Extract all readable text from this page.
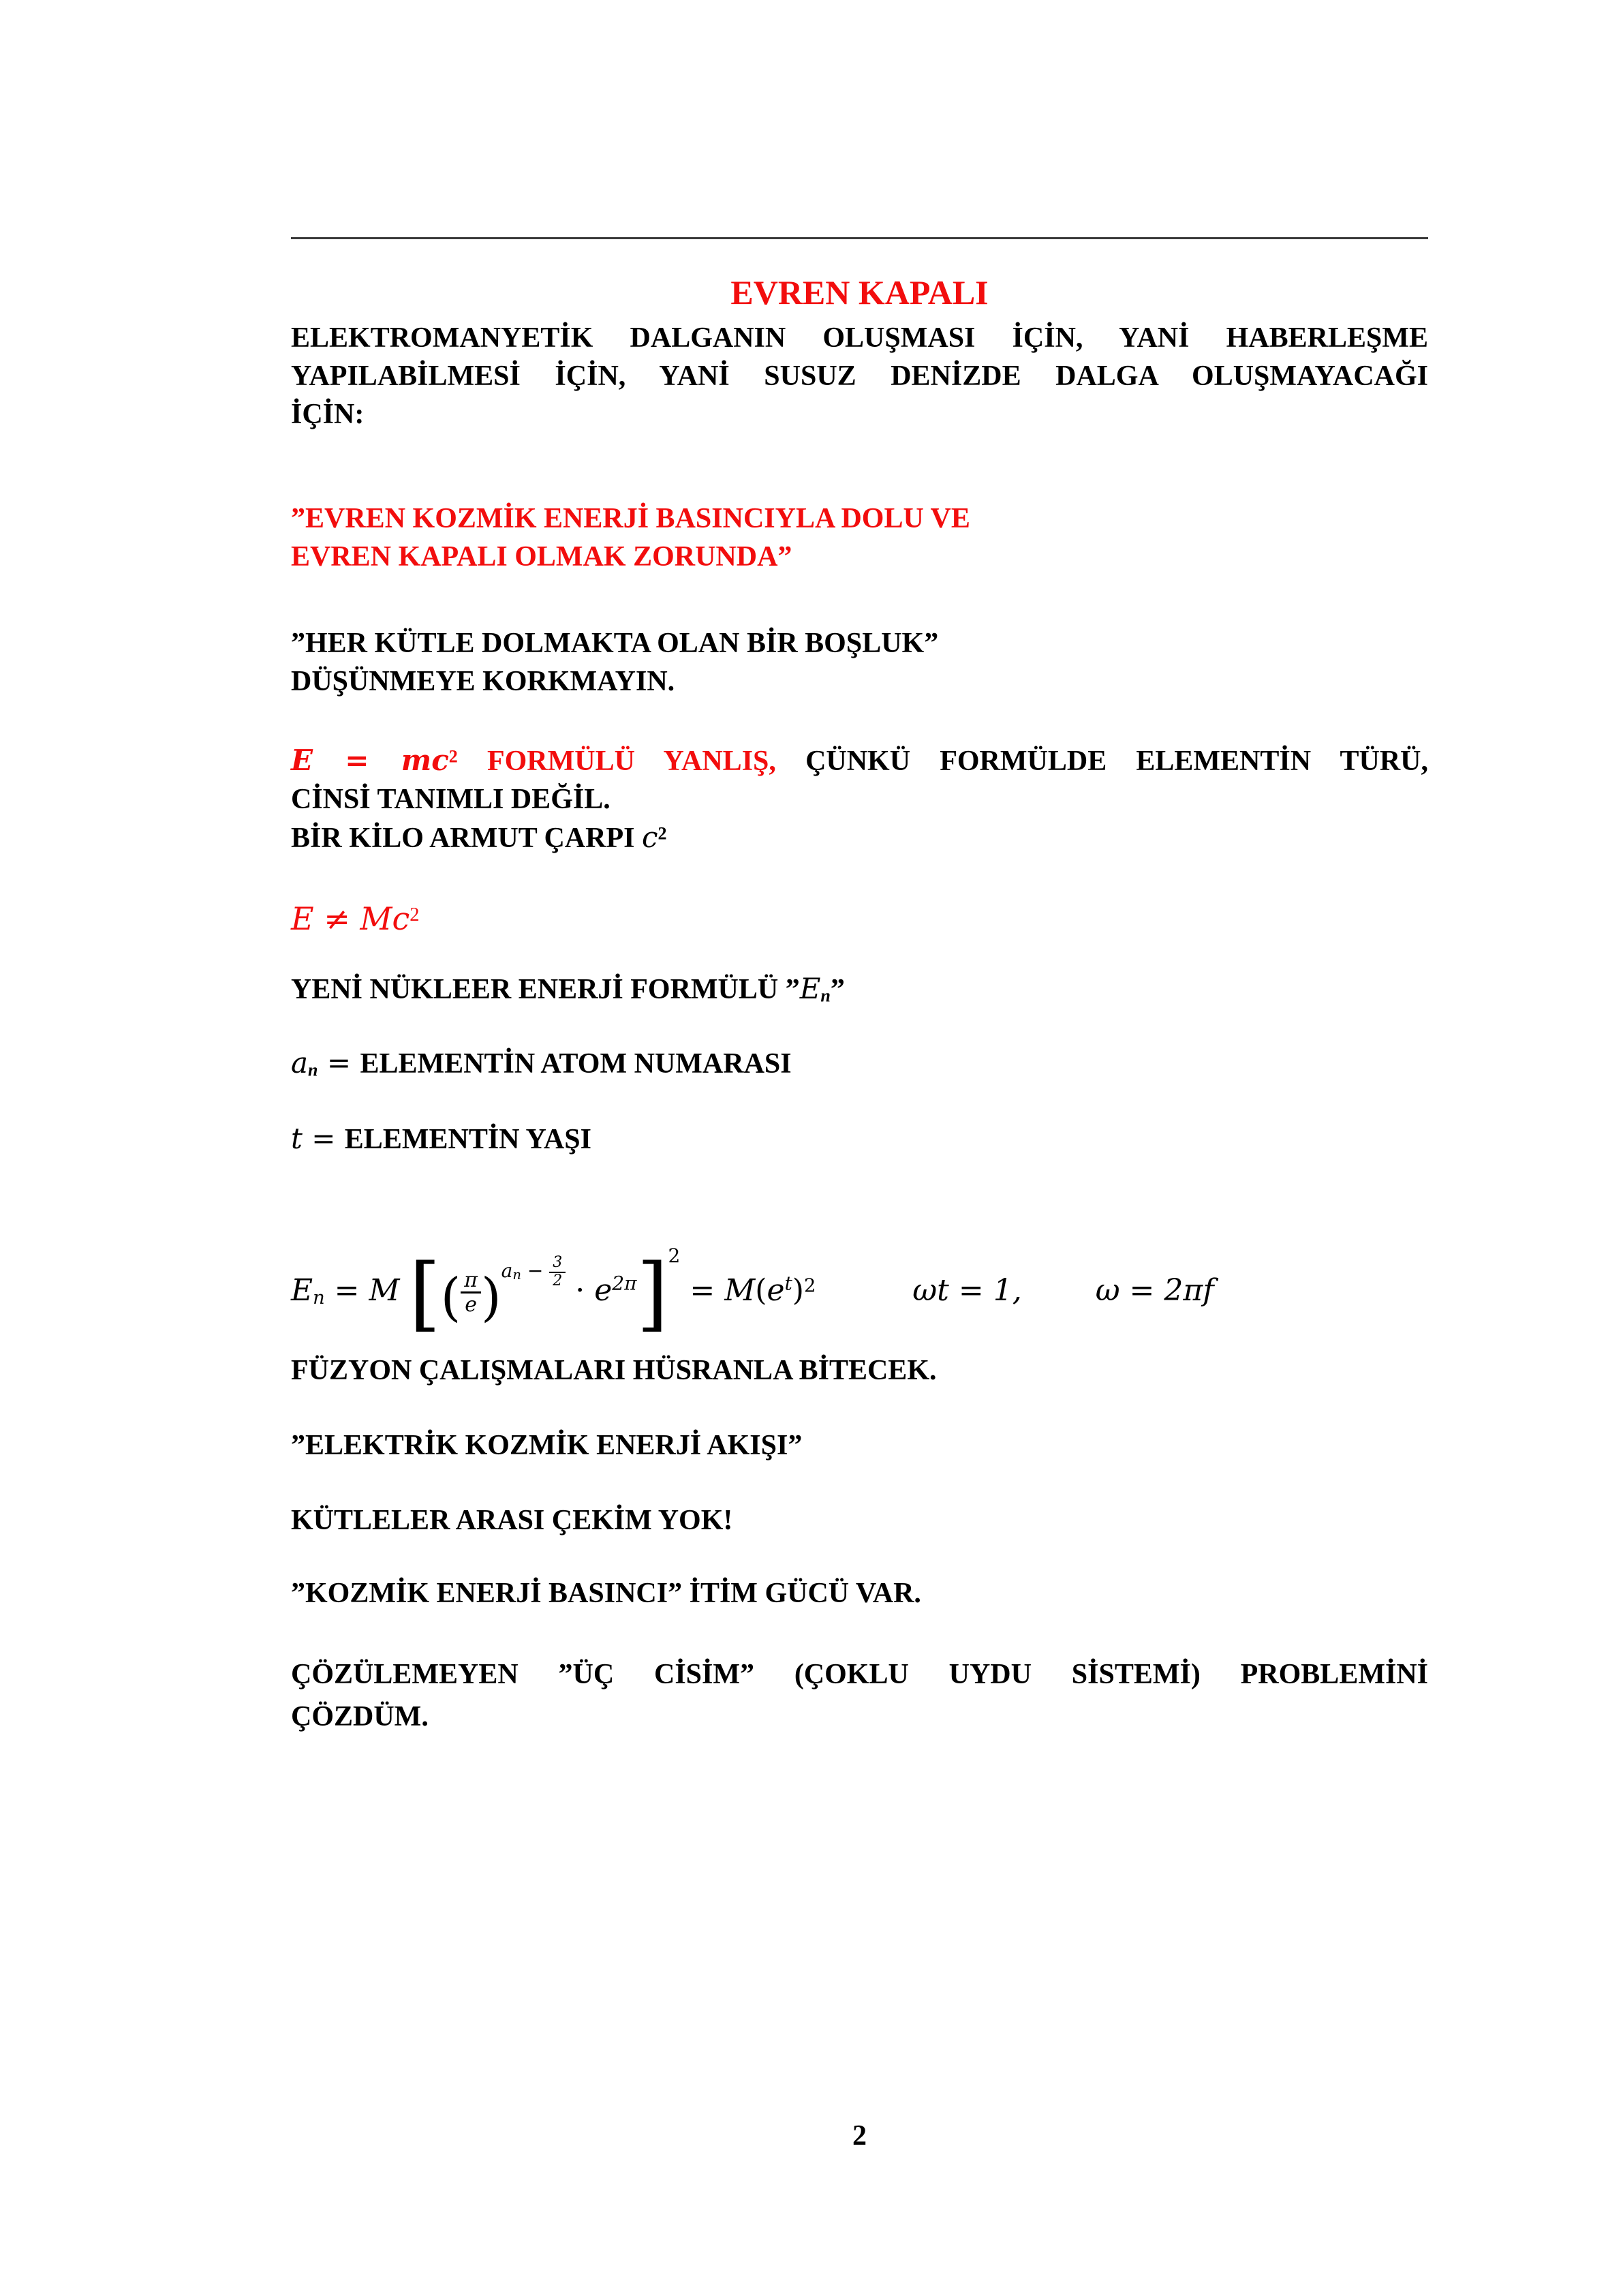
EVREN KAPALI
ELEKTROMANYETİK DALGANIN OLUŞMASI İÇİN, YANİ HABERLEŞME
YAPILABİLMESİ İÇİN, YANİ SUSUZ DENİZDE DALGA OLUŞMAYACAĞI
İÇİN:
”EVREN KOZMİK ENERJİ BASINCIYLA DOLU VE
EVREN KAPALI OLMAK ZORUNDA”
”HER KÜTLE DOLMAKTA OLAN BİR BOŞLUK”
DÜŞÜNMEYE KORKMAYIN.
$E = mc^2$ FORMÜLÜ YANLIŞ, ÇÜNKÜ FORMÜLDE ELEMENTİN TÜRÜ,
CİNSİ TANIMLI DEĞİL.
BİR KİLO ARMUT ÇARPI $c^2$
$E \ne Mc^2$
YENİ NÜKLEER ENERJİ FORMÜLÜ $”E_n$”
$a_n$ = ELEMENTİN ATOM NUMARASI
t = ELEMENTİN YAŞI
$E_n = M$ [( $\frac{\pi}{e} )a_n - \frac{3}{2}$
· $e^{2\pi}]2 = M(e^t)^2$	ωt = 1, ω = 2πf
FÜZYON ÇALIŞMALARI HÜSRANLA BİTECEK.
”ELEKTRİK KOZMİK ENERJİ AKIŞI”
KÜTLELER ARASI ÇEKİM YOK!
”KOZMİK ENERJİ BASINCI” İTİM GÜCÜ VAR.
ÇÖZÜLEMEYEN ”ÜÇ CİSİM” (ÇOKLU UYDU SİSTEMİ) PROBLEMİNİ
ÇÖZDÜM.
2
